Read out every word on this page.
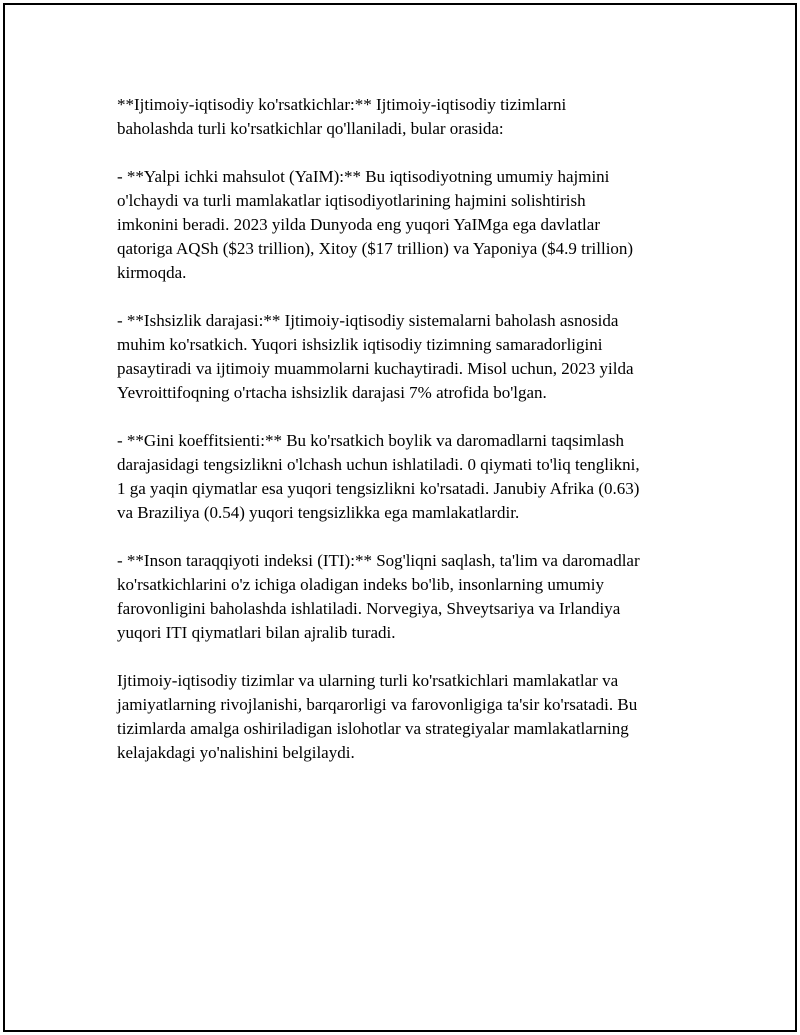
**Ijtimoiy-iqtisodiy ko'rsatkichlar:** Ijtimoiy-iqtisodiy tizimlarni
baholashda turli ko'rsatkichlar qo'llaniladi, bular orasida:

- **Yalpi ichki mahsulot (YaIM):** Bu iqtisodiyotning umumiy hajmini
o'lchaydi va turli mamlakatlar iqtisodiyotlarining hajmini solishtirish
imkonini beradi. 2023 yilda Dunyoda eng yuqori YaIMga ega davlatlar
qatoriga AQSh ($23 trillion), Xitoy ($17 trillion) va Yaponiya ($4.9 trillion)
kirmoqda.

- **Ishsizlik darajasi:** Ijtimoiy-iqtisodiy sistemalarni baholash asnosida
muhim ko'rsatkich. Yuqori ishsizlik iqtisodiy tizimning samaradorligini
pasaytiradi va ijtimoiy muammolarni kuchaytiradi. Misol uchun, 2023 yilda
Yevroittifoqning o'rtacha ishsizlik darajasi 7% atrofida bo'lgan.

- **Gini koeffitsienti:** Bu ko'rsatkich boylik va daromadlarni taqsimlash
darajasidagi tengsizlikni o'lchash uchun ishlatiladi. 0 qiymati to'liq tenglikni,
1 ga yaqin qiymatlar esa yuqori tengsizlikni ko'rsatadi. Janubiy Afrika (0.63)
va Braziliya (0.54) yuqori tengsizlikka ega mamlakatlardir.

- **Inson taraqqiyoti indeksi (ITI):** Sog'liqni saqlash, ta'lim va daromadlar
ko'rsatkichlarini o'z ichiga oladigan indeks bo'lib, insonlarning umumiy
farovonligini baholashda ishlatiladi. Norvegiya, Shveytsariya va Irlandiya
yuqori ITI qiymatlari bilan ajralib turadi.

Ijtimoiy-iqtisodiy tizimlar va ularning turli ko'rsatkichlari mamlakatlar va
jamiyatlarning rivojlanishi, barqarorligi va farovonligiga ta'sir ko'rsatadi. Bu
tizimlarda amalga oshiriladigan islohotlar va strategiyalar mamlakatlarning
kelajakdagi yo'nalishini belgilaydi.
